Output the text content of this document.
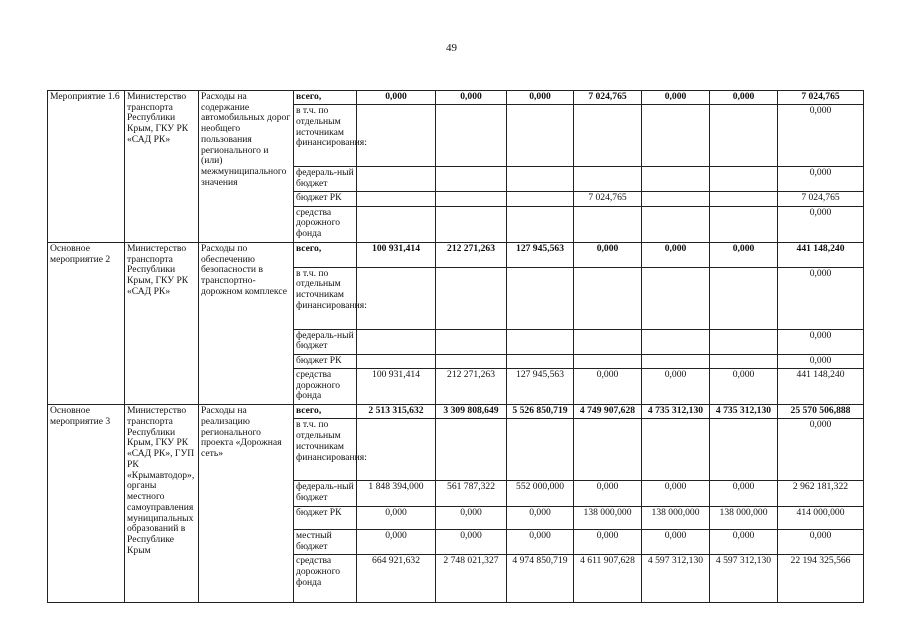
49
Мероприятие 1.6	Министерство транспорта Республики Крым, ГКУ РК «САД РК»	Расходы на содержание автомобильных дорог необщего пользования регионального и (или) межмуниципального значения	всего,	0,000	0,000	0,000	7 024,765	0,000	0,000	7 024,765
			в т.ч. по отдельным источникам финансирования:							0,000
			федераль-ный бюджет							0,000
			бюджет РК				7 024,765			7 024,765
			средства дорожного фонда							0,000
Основное мероприятие 2	Министерство транспорта Республики Крым, ГКУ РК «САД РК»	Расходы по обеспечению безопасности в транспортно-дорожном комплексе	всего,	100 931,414	212 271,263	127 945,563	0,000	0,000	0,000	441 148,240
			в т.ч. по отдельным источникам финансирования:							0,000
			федераль-ный бюджет							0,000
			бюджет РК							0,000
			средства дорожного фонда	100 931,414	212 271,263	127 945,563	0,000	0,000	0,000	441 148,240
Основное мероприятие 3	Министерство транспорта Республики Крым, ГКУ РК «САД РК», ГУП РК «Крымавтодор», органы местного самоуправления муниципальных образований в Республике Крым	Расходы на реализацию регионального проекта «Дорожная сеть»	всего,	2 513 315,632	3 309 808,649	5 526 850,719	4 749 907,628	4 735 312,130	4 735 312,130	25 570 506,888
			в т.ч. по отдельным источникам финансирования:							0,000
			федераль-ный бюджет	1 848 394,000	561 787,322	552 000,000	0,000	0,000	0,000	2 962 181,322
			бюджет РК	0,000	0,000	0,000	138 000,000	138 000,000	138 000,000	414 000,000
			местный бюджет	0,000	0,000	0,000	0,000	0,000	0,000	0,000
			средства дорожного фонда	664 921,632	2 748 021,327	4 974 850,719	4 611 907,628	4 597 312,130	4 597 312,130	22 194 325,566
